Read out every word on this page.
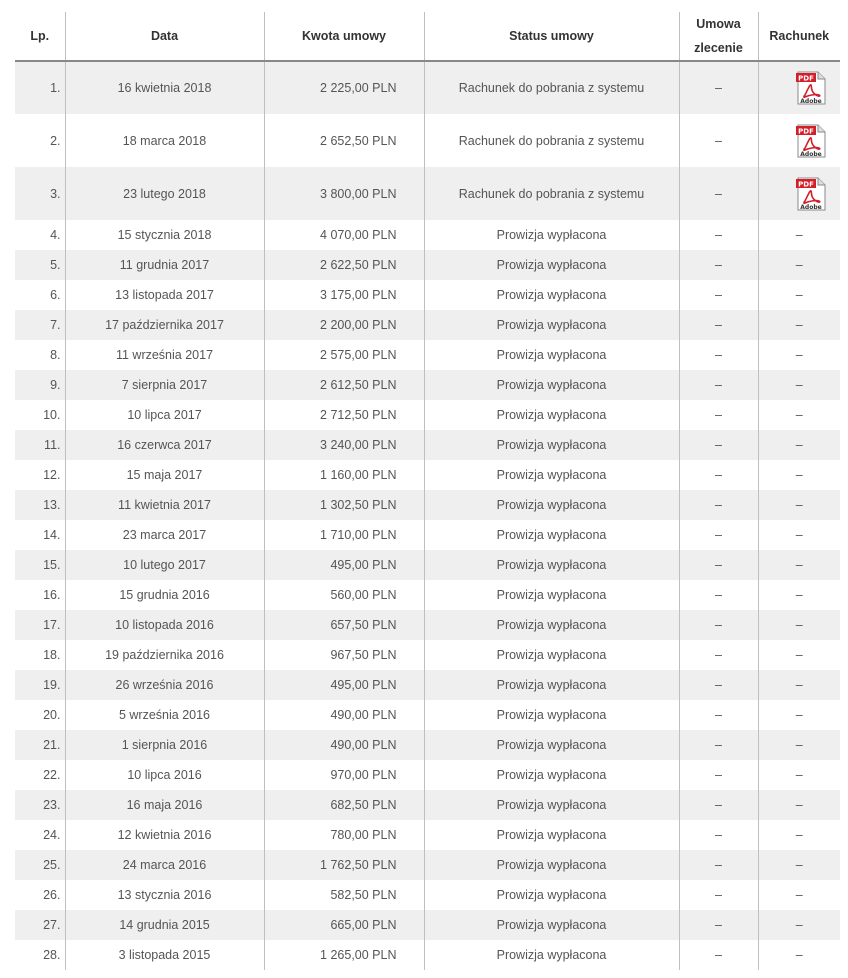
Lp.	Data	Kwota umowy	Status umowy	Umowa
zlecenie	Rachunek
1.	16 kwietnia 2018	2 225,00 PLN	Rachunek do pobrania z systemu	–	PDF
Adobe

2.	18 marca 2018	2 652,50 PLN	Rachunek do pobrania z systemu	–	PDF
Adobe

3.	23 lutego 2018	3 800,00 PLN	Rachunek do pobrania z systemu	–	PDF
Adobe

4.	15 stycznia 2018	4 070,00 PLN	Prowizja wypłacona	–	–
5.	11 grudnia 2017	2 622,50 PLN	Prowizja wypłacona	–	–
6.	13 listopada 2017	3 175,00 PLN	Prowizja wypłacona	–	–
7.	17 października 2017	2 200,00 PLN	Prowizja wypłacona	–	–
8.	11 września 2017	2 575,00 PLN	Prowizja wypłacona	–	–
9.	7 sierpnia 2017	2 612,50 PLN	Prowizja wypłacona	–	–
10.	10 lipca 2017	2 712,50 PLN	Prowizja wypłacona	–	–
11.	16 czerwca 2017	3 240,00 PLN	Prowizja wypłacona	–	–
12.	15 maja 2017	1 160,00 PLN	Prowizja wypłacona	–	–
13.	11 kwietnia 2017	1 302,50 PLN	Prowizja wypłacona	–	–
14.	23 marca 2017	1 710,00 PLN	Prowizja wypłacona	–	–
15.	10 lutego 2017	495,00 PLN	Prowizja wypłacona	–	–
16.	15 grudnia 2016	560,00 PLN	Prowizja wypłacona	–	–
17.	10 listopada 2016	657,50 PLN	Prowizja wypłacona	–	–
18.	19 października 2016	967,50 PLN	Prowizja wypłacona	–	–
19.	26 września 2016	495,00 PLN	Prowizja wypłacona	–	–
20.	5 września 2016	490,00 PLN	Prowizja wypłacona	–	–
21.	1 sierpnia 2016	490,00 PLN	Prowizja wypłacona	–	–
22.	10 lipca 2016	970,00 PLN	Prowizja wypłacona	–	–
23.	16 maja 2016	682,50 PLN	Prowizja wypłacona	–	–
24.	12 kwietnia 2016	780,00 PLN	Prowizja wypłacona	–	–
25.	24 marca 2016	1 762,50 PLN	Prowizja wypłacona	–	–
26.	13 stycznia 2016	582,50 PLN	Prowizja wypłacona	–	–
27.	14 grudnia 2015	665,00 PLN	Prowizja wypłacona	–	–
28.	3 listopada 2015	1 265,00 PLN	Prowizja wypłacona	–	–
